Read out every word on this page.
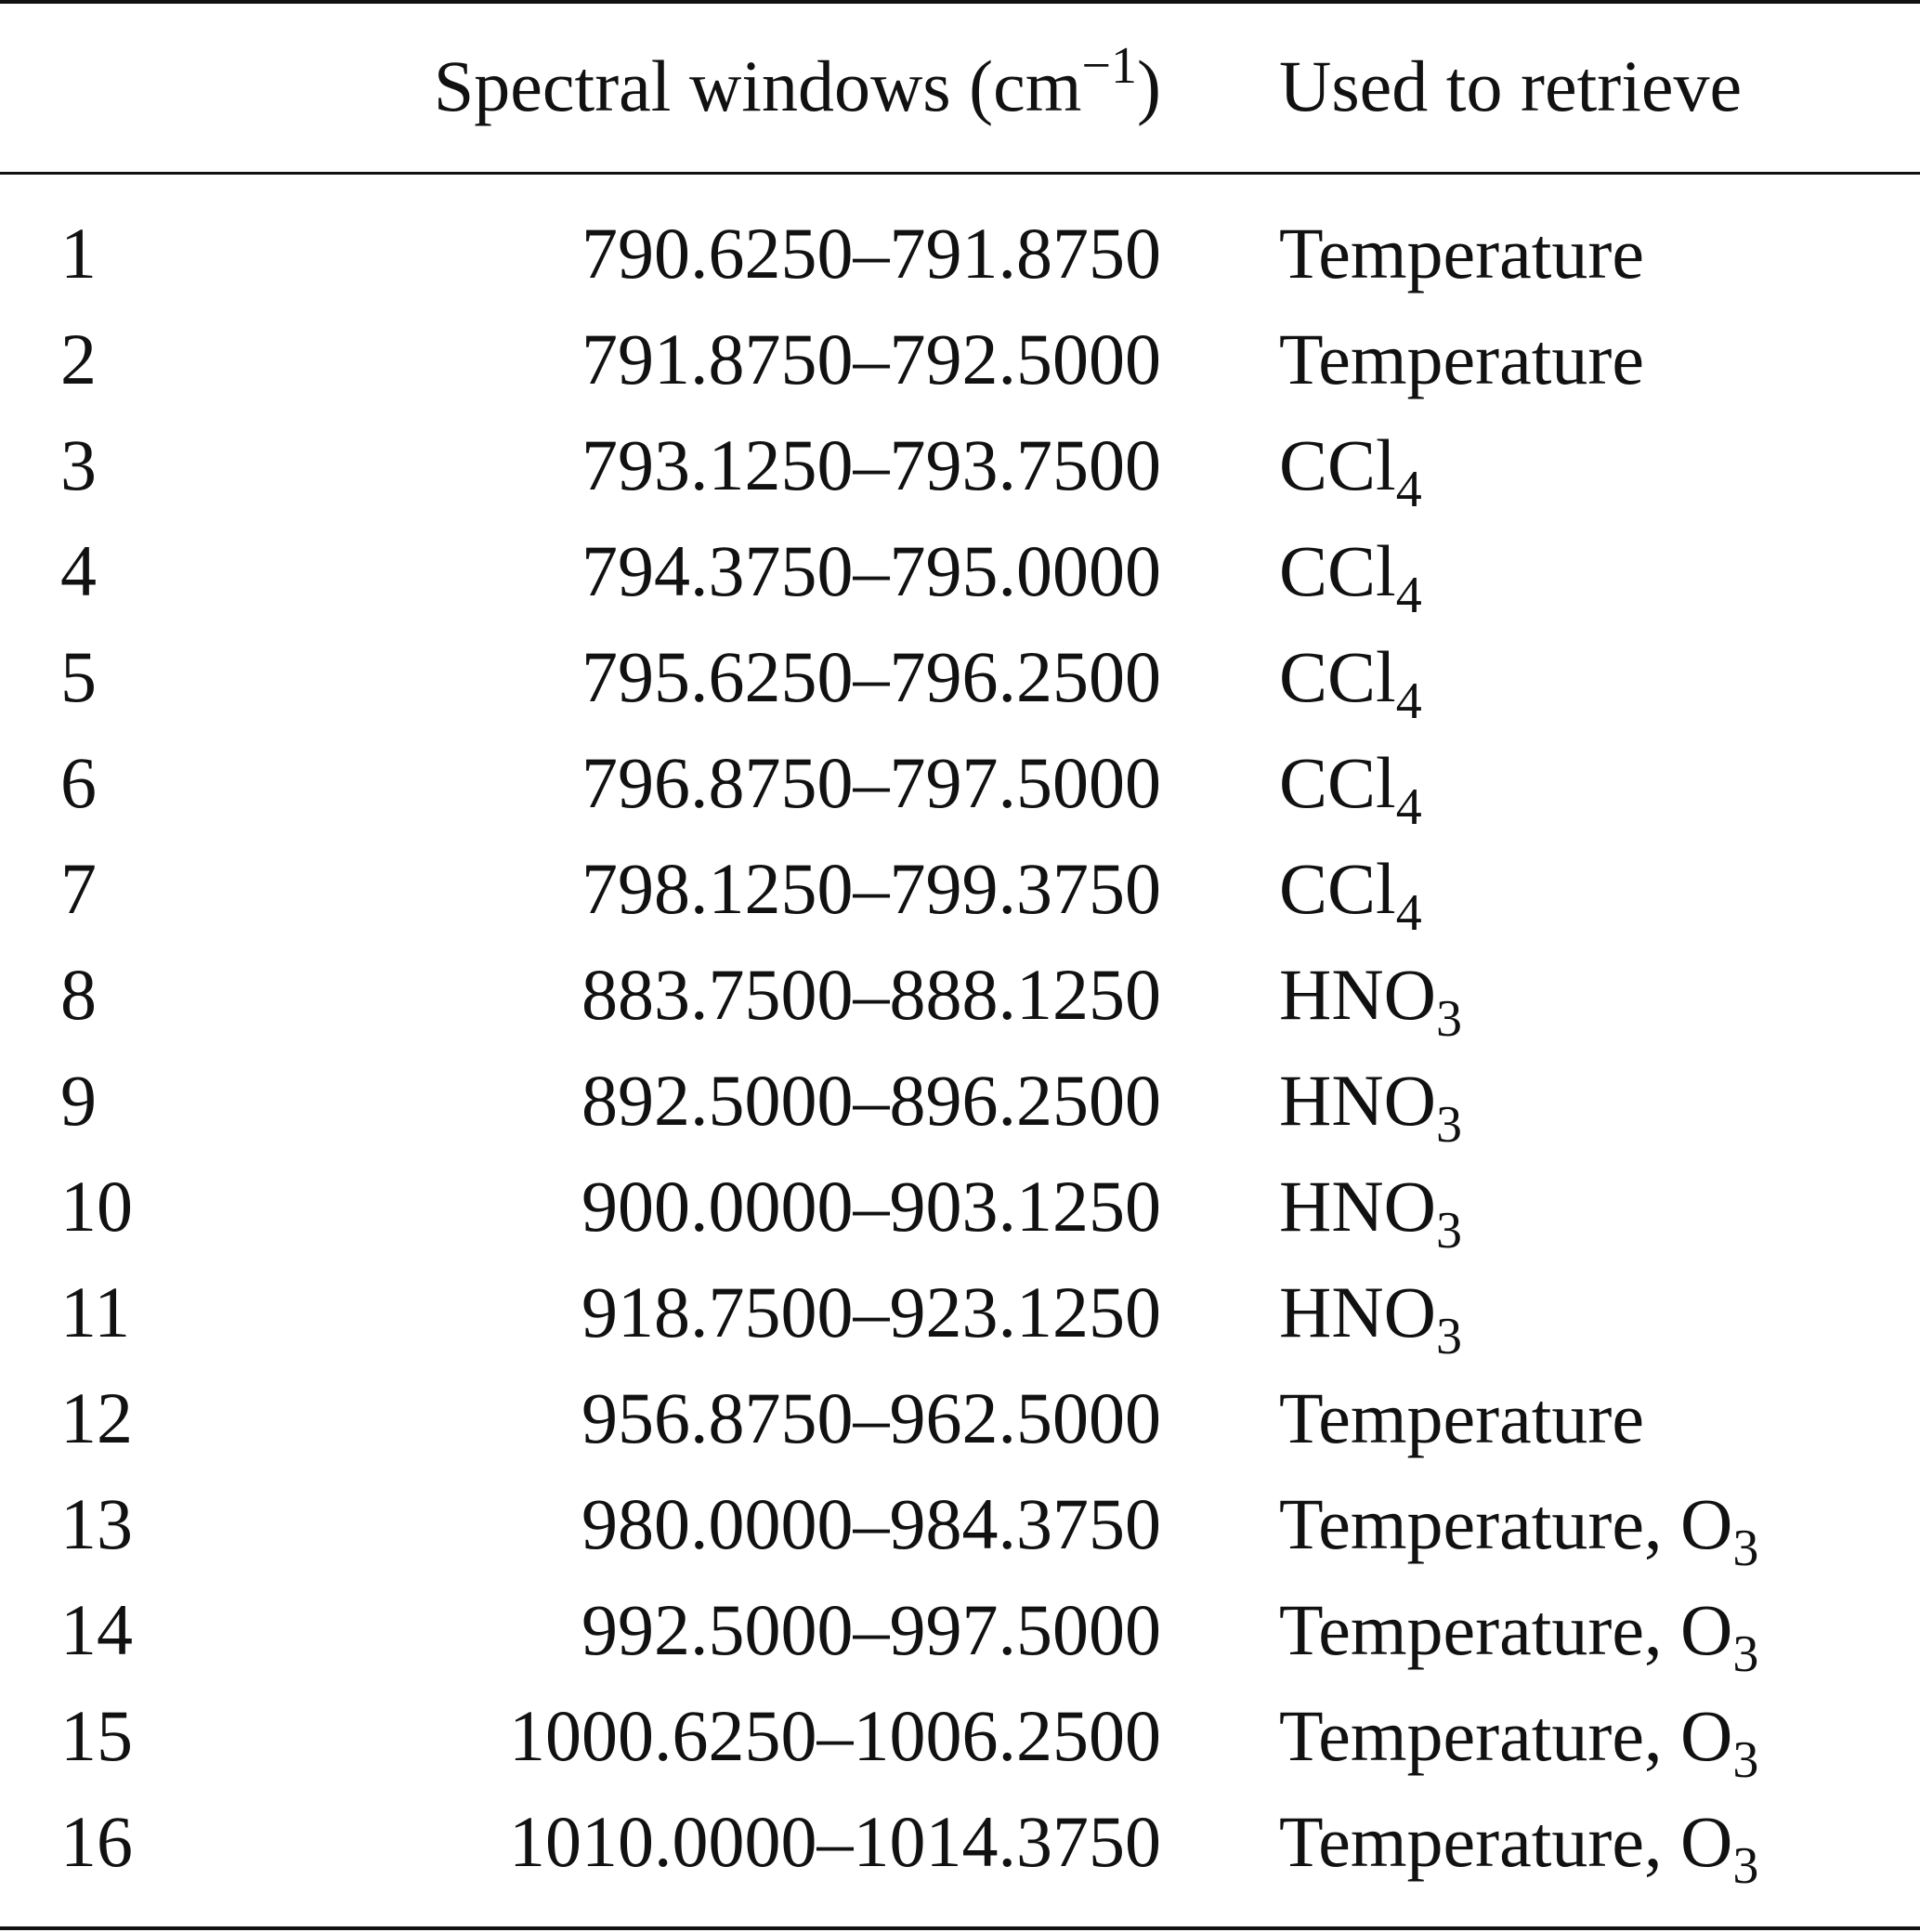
Spectral windows $(cm^{-1})$ Used to retrieve
1	790.6250–791.8750 Temperature
2	791.8750–792.5000 Temperature
3	793.1250–793.7500 CCl$_4$
4	794.3750–795.0000 CCl$_4$
5	795.6250–796.2500 CCl$_4$
6	796.8750–797.5000 CCl$_4$
7	798.1250–799.3750 CCl$_4$
8	883.7500–888.1250 $HNO_3$
9	892.5000–896.2500 $HNO_3$
10	900.0000–903.1250 $HNO_3$
11	918.7500–923.1250 $HNO_3$
12	956.8750–962.5000 Temperature
13	980.0000–984.3750 Temperature, $O_3$
14	992.5000–997.5000 Temperature, $O_3$
15	1000.6250–1006.2500 Temperature, $O_3$
16	1010.0000–1014.3750 Temperature, $O_3$
